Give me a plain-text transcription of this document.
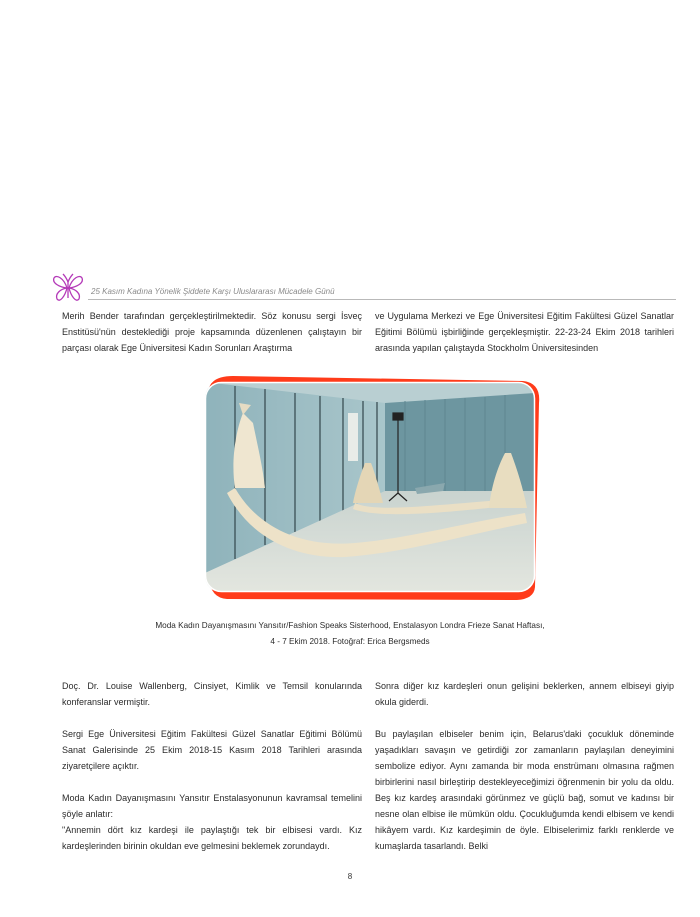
25 Kasım Kadına Yönelik Şiddete Karşı Uluslararası Mücadele Günü

Merih Bender tarafından gerçekleştirilmektedir. Söz konusu sergi İsveç Enstitüsü'nün desteklediği proje kapsamında düzenlenen çalıştayın bir parçası olarak Ege Üniversitesi Kadın Sorunları Araştırma

ve Uygulama Merkezi ve Ege Üniversitesi Eğitim Fakültesi Güzel Sanatlar Eğitimi Bölümü işbirliğinde gerçekleşmiştir. 22-23-24 Ekim 2018 tarihleri arasında yapılan çalıştayda Stockholm Üniversitesinden

Moda Kadın Dayanışmasını Yansıtır/Fashion Speaks Sisterhood, Enstalasyon Londra Frieze Sanat Haftası,
4 - 7 Ekim 2018. Fotoğraf: Erica Bergsmeds

Doç. Dr. Louise Wallenberg, Cinsiyet, Kimlik ve Temsil konularında konferanslar vermiştir.

Sergi Ege Üniversitesi Eğitim Fakültesi Güzel Sanatlar Eğitimi Bölümü Sanat Galerisinde 25 Ekim 2018-15 Kasım 2018 Tarihleri arasında ziyaretçilere açıktır.

Moda Kadın Dayanışmasını Yansıtır Enstalasyonunun kavramsal temelini şöyle anlatır:
"Annemin dört kız kardeşi ile paylaştığı tek bir elbisesi vardı. Kız kardeşlerinden birinin okuldan eve gelmesini beklemek zorundaydı.

Sonra diğer kız kardeşleri onun gelişini beklerken, annem elbiseyi giyip okula giderdi.

Bu paylaşılan elbiseler benim için, Belarus'daki çocukluk döneminde yaşadıkları savaşın ve getirdiği zor zamanların paylaşılan deneyimini sembolize ediyor. Aynı zamanda bir moda enstrümanı olmasına rağmen birbirlerini nasıl birleştirip destekleyeceğimizi öğrenmenin bir yolu da oldu. Beş kız kardeş arasındaki görünmez ve güçlü bağ, somut ve kadınsı bir nesne olan elbise ile mümkün oldu. Çocukluğumda kendi elbisem ve kendi hikâyem vardı. Kız kardeşimin de öyle. Elbiselerimiz farklı renklerde ve kumaşlarda tasarlandı. Belki

8
